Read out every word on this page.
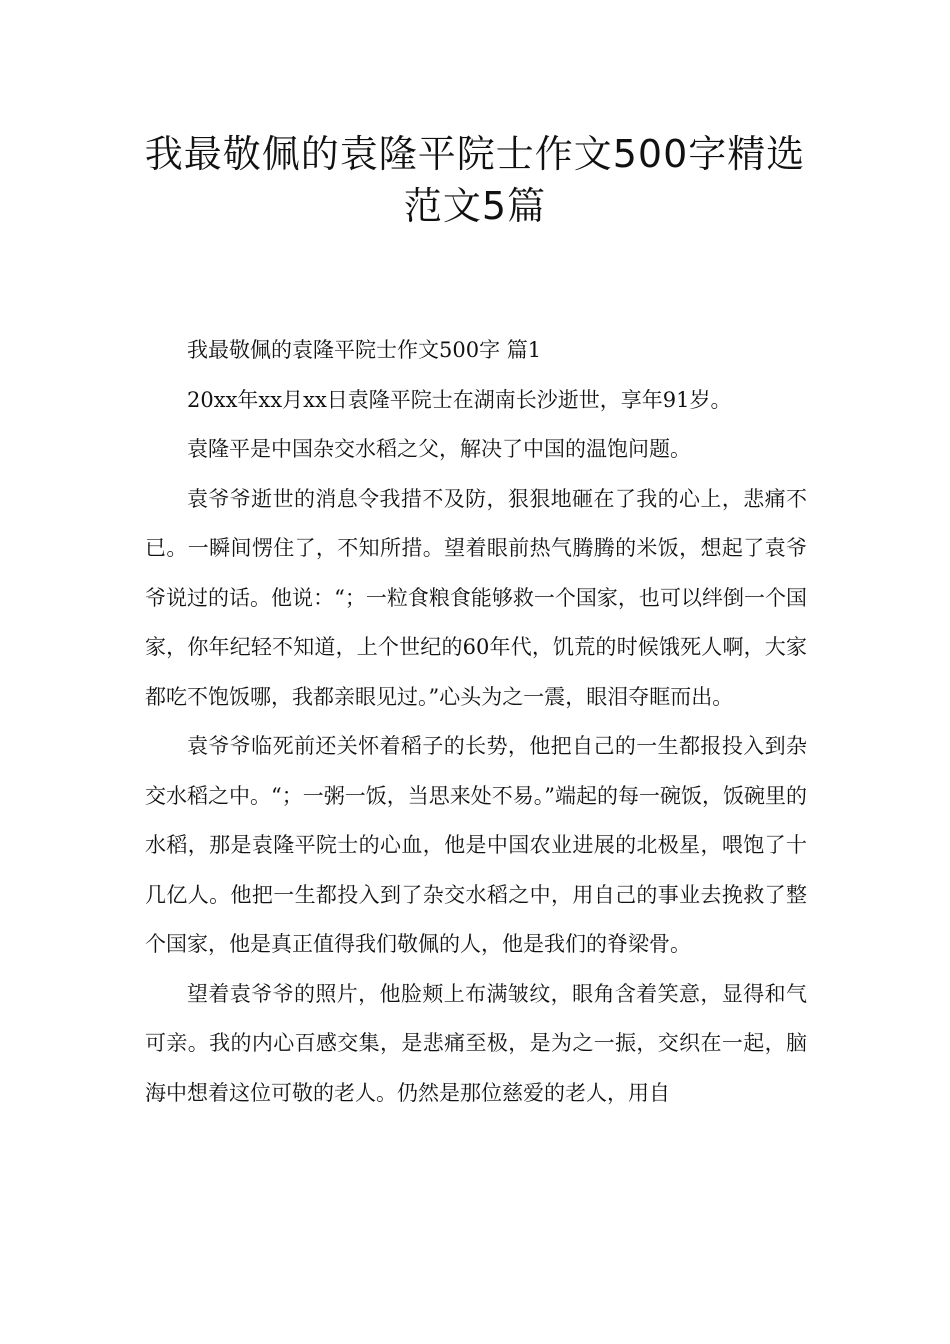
我最敬佩的袁隆平院士作文500字精选
范文5篇

我最敬佩的袁隆平院士作文500字 篇1

20xx年xx月xx日袁隆平院士在湖南长沙逝世，享年91岁。

袁隆平是中国杂交水稻之父，解决了中国的温饱问题。

袁爷爷逝世的消息令我措不及防，狠狠地砸在了我的心上，悲痛不已。一瞬间愣住了，不知所措。望着眼前热气腾腾的米饭，想起了袁爷爷说过的话。他说：“；一粒食粮食能够救一个国家，也可以绊倒一个国家，你年纪轻不知道，上个世纪的60年代，饥荒的时候饿死人啊，大家都吃不饱饭哪，我都亲眼见过。”心头为之一震，眼泪夺眶而出。

袁爷爷临死前还关怀着稻子的长势，他把自己的一生都报投入到杂交水稻之中。“；一粥一饭，当思来处不易。”端起的每一碗饭，饭碗里的水稻，那是袁隆平院士的心血，他是中国农业进展的北极星，喂饱了十几亿人。他把一生都投入到了杂交水稻之中，用自己的事业去挽救了整个国家，他是真正值得我们敬佩的人，他是我们的脊梁骨。

望着袁爷爷的照片，他脸颊上布满皱纹，眼角含着笑意，显得和气可亲。我的内心百感交集，是悲痛至极，是为之一振，交织在一起，脑海中想着这位可敬的老人。仍然是那位慈爱的老人，用自
